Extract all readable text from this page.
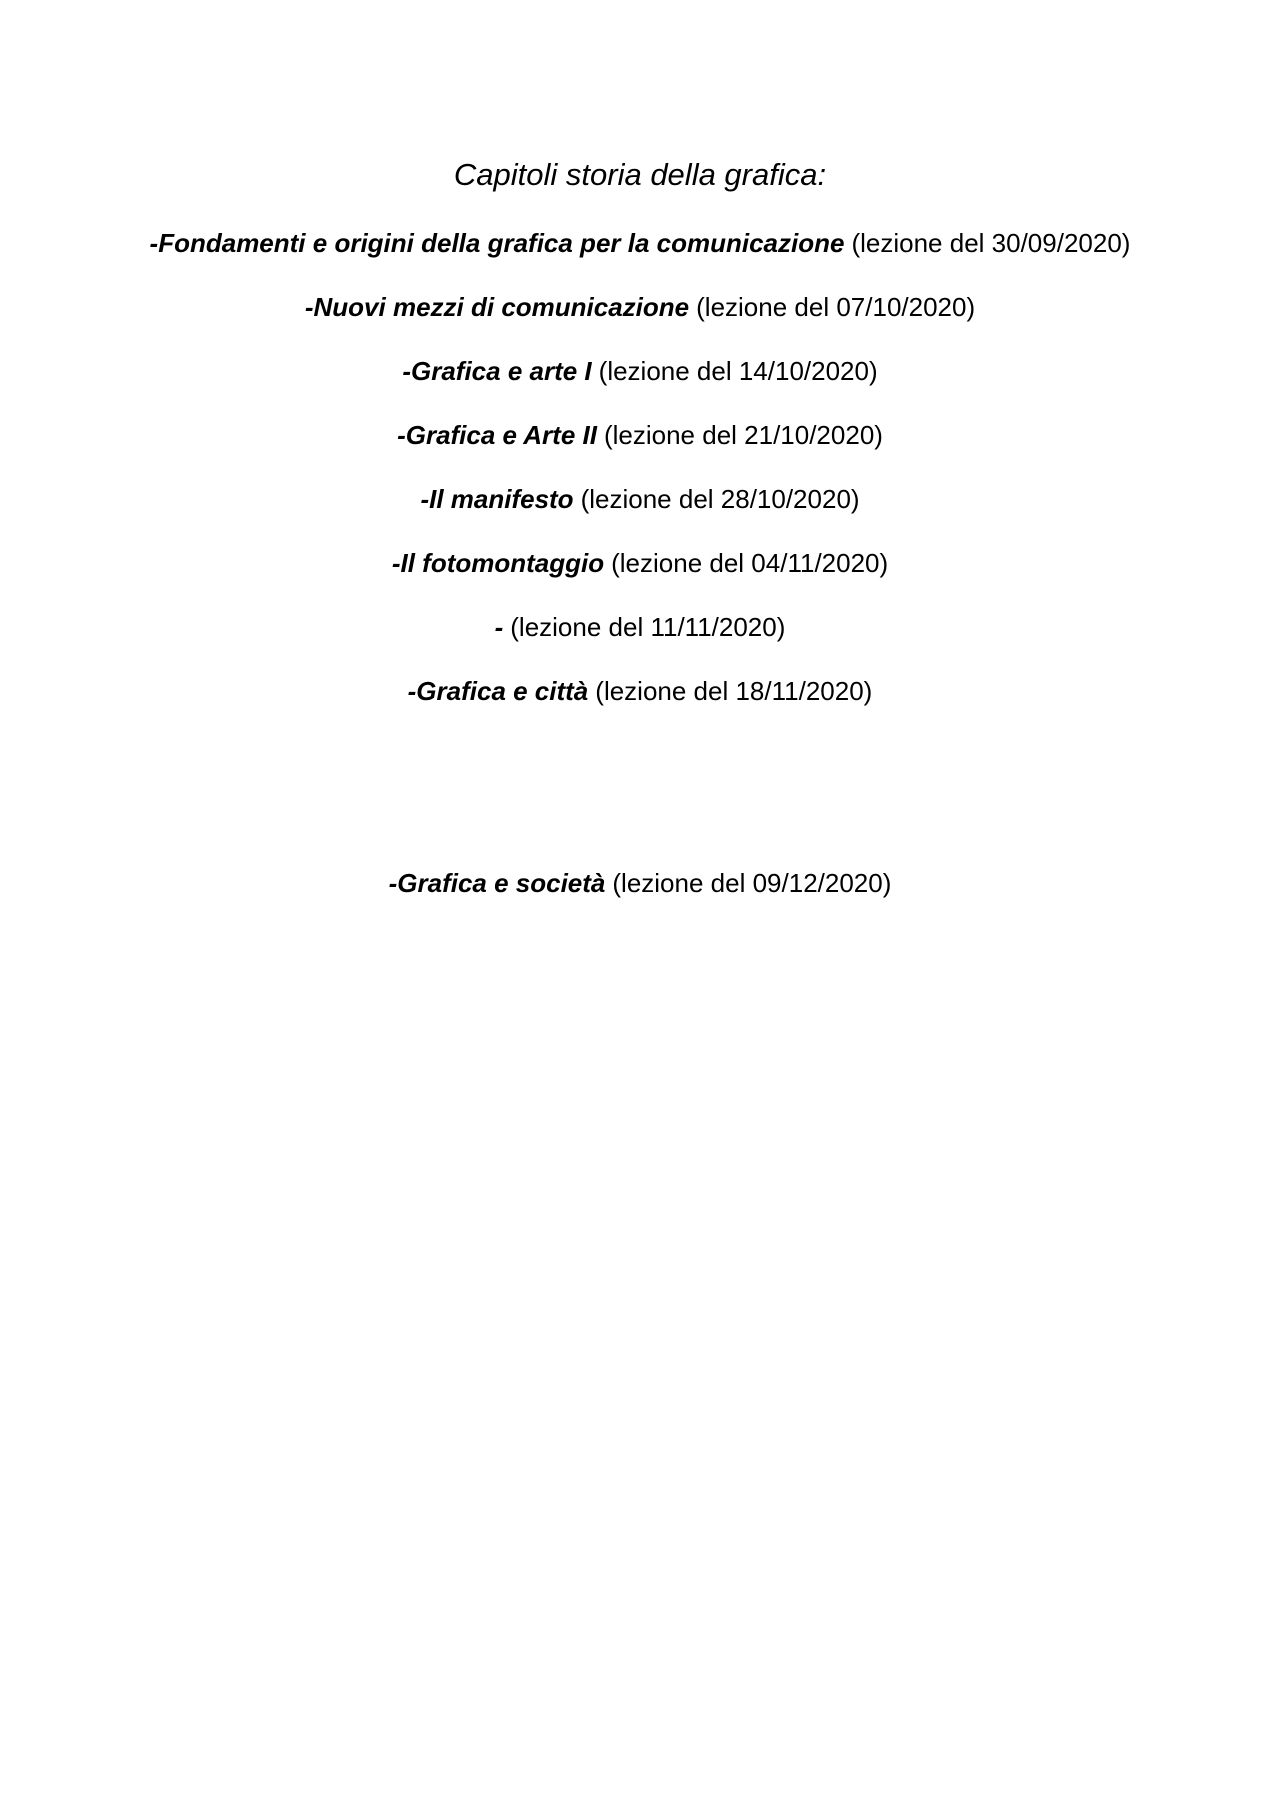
Capitoli storia della grafica:
-Fondamenti e origini della grafica per la comunicazione (lezione del 30/09/2020)
-Nuovi mezzi di comunicazione (lezione del 07/10/2020)
-Grafica e arte I (lezione del 14/10/2020)
-Grafica e Arte II (lezione del 21/10/2020)
-Il manifesto (lezione del 28/10/2020)
-Il fotomontaggio (lezione del 04/11/2020)
- (lezione del 11/11/2020)
-Grafica e città (lezione del 18/11/2020)
-Grafica e società (lezione del 09/12/2020)
